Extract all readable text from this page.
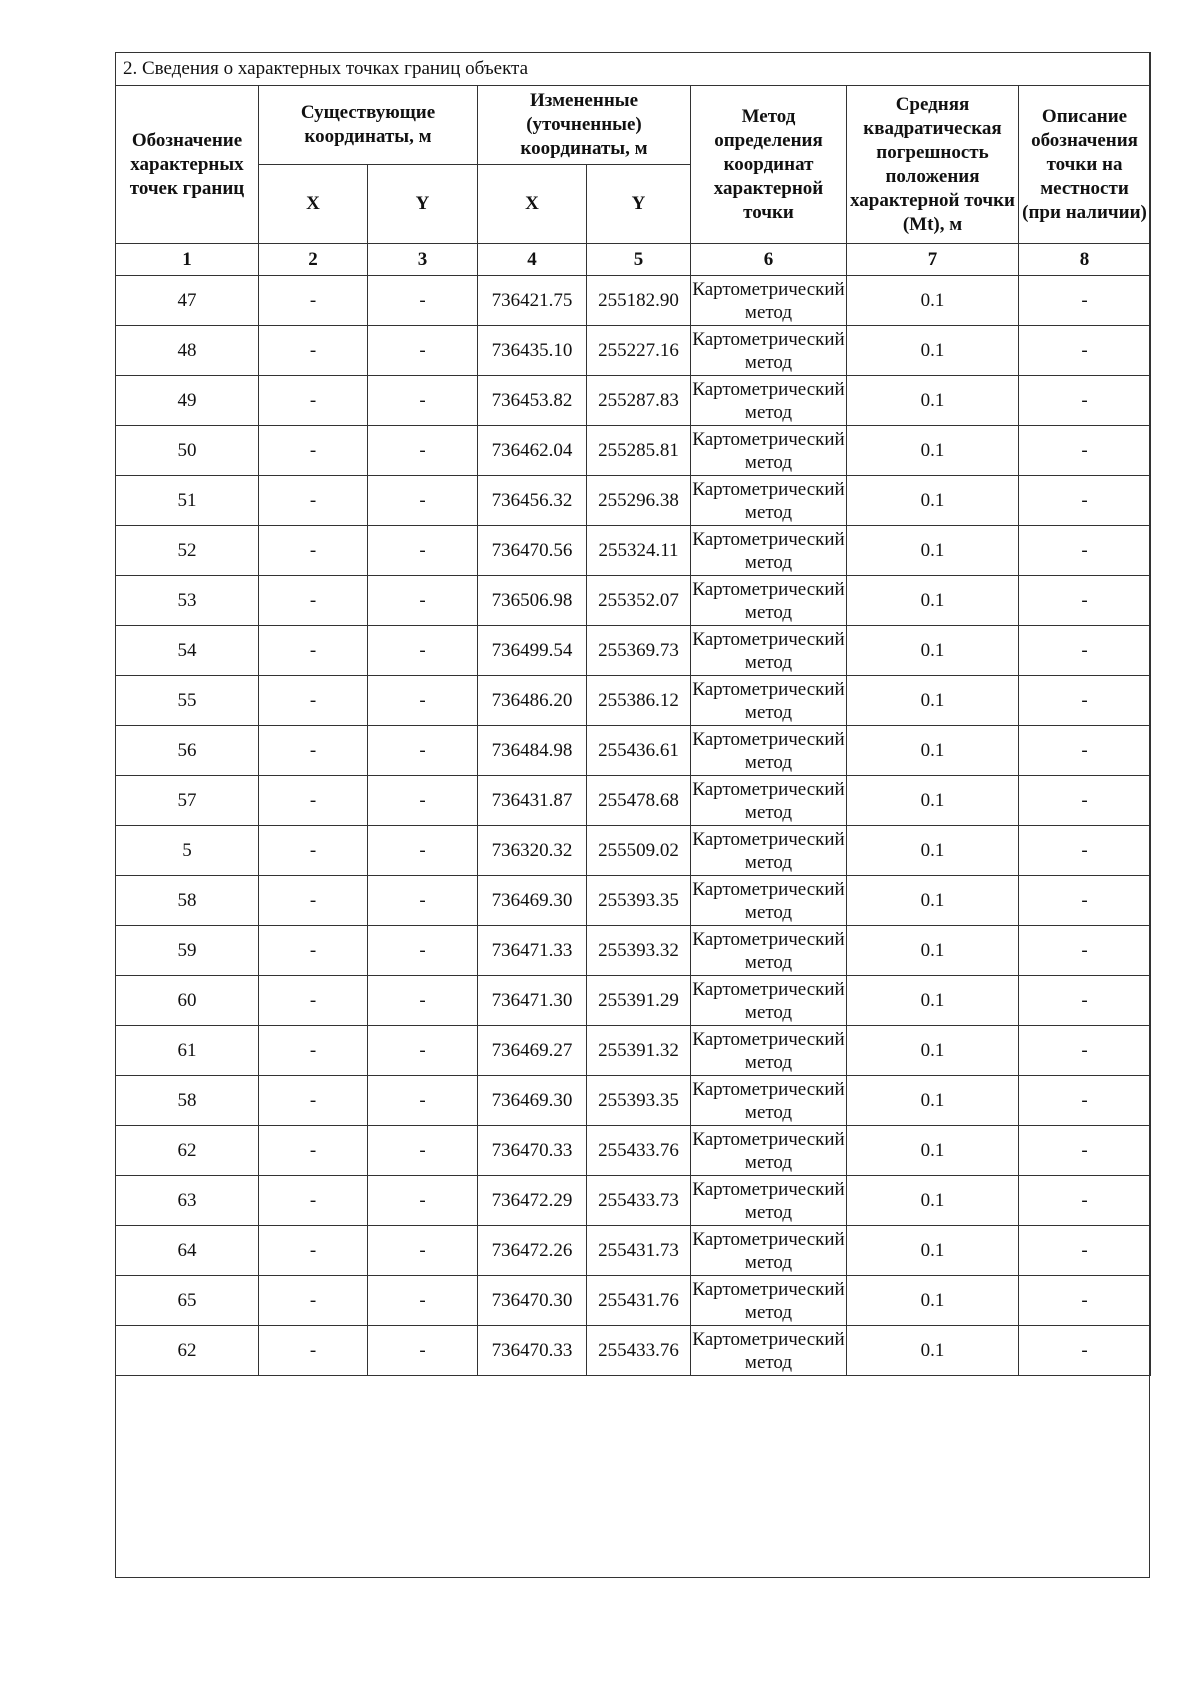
2. Сведения о характерных точках границ объекта							
Обозначение характерных точек границ	Существующие координаты, м		Измененные (уточненные) координаты, м		Метод определения координат характерной точки	Средняя квадратическая погрешность положения характерной точки (Mt), м	Описание обозначения точки на местности (при наличии)
	X	Y	X	Y			
1	2	3	4	5	6	7	8
47	-	-	736421.75	255182.90	Картометрический метод	0.1	-
48	-	-	736435.10	255227.16	Картометрический метод	0.1	-
49	-	-	736453.82	255287.83	Картометрический метод	0.1	-
50	-	-	736462.04	255285.81	Картометрический метод	0.1	-
51	-	-	736456.32	255296.38	Картометрический метод	0.1	-
52	-	-	736470.56	255324.11	Картометрический метод	0.1	-
53	-	-	736506.98	255352.07	Картометрический метод	0.1	-
54	-	-	736499.54	255369.73	Картометрический метод	0.1	-
55	-	-	736486.20	255386.12	Картометрический метод	0.1	-
56	-	-	736484.98	255436.61	Картометрический метод	0.1	-
57	-	-	736431.87	255478.68	Картометрический метод	0.1	-
5	-	-	736320.32	255509.02	Картометрический метод	0.1	-
58	-	-	736469.30	255393.35	Картометрический метод	0.1	-
59	-	-	736471.33	255393.32	Картометрический метод	0.1	-
60	-	-	736471.30	255391.29	Картометрический метод	0.1	-
61	-	-	736469.27	255391.32	Картометрический метод	0.1	-
58	-	-	736469.30	255393.35	Картометрический метод	0.1	-
62	-	-	736470.33	255433.76	Картометрический метод	0.1	-
63	-	-	736472.29	255433.73	Картометрический метод	0.1	-
64	-	-	736472.26	255431.73	Картометрический метод	0.1	-
65	-	-	736470.30	255431.76	Картометрический метод	0.1	-
62	-	-	736470.33	255433.76	Картометрический метод	0.1	-
